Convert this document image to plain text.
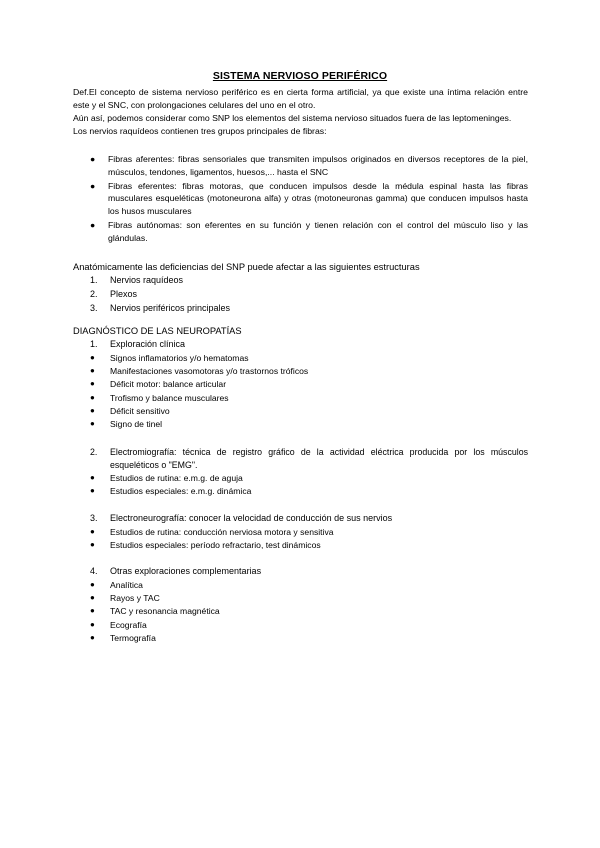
SISTEMA NERVIOSO PERIFÉRICO

Def.El concepto de sistema nervioso periférico es en cierta forma artificial, ya que existe una íntima relación entre este y el SNC, con prolongaciones celulares del uno en el otro.

Aún así, podemos considerar como SNP los elementos del sistema nervioso situados fuera de las leptomeninges.

Los nervios raquídeos contienen tres grupos principales de fibras:

● Fibras aferentes: fibras sensoriales que transmiten impulsos originados en diversos receptores de la piel, músculos, tendones, ligamentos, huesos,... hasta el SNC
● Fibras eferentes: fibras motoras, que conducen impulsos desde la médula espinal hasta las fibras musculares esqueléticas (motoneurona alfa) y otras (motoneuronas gamma) que conducen impulsos hasta los husos musculares
● Fibras autónomas: son eferentes en su función y tienen relación con el control del músculo liso y las glándulas.
Anatómicamente las deficiencias del SNP puede afectar a las siguientes estructuras
1. Nervios raquídeos
2. Plexos
3. Nervios periféricos principales
DIAGNÓSTICO DE LAS NEUROPATÍAS
1. Exploración clínica
● Signos inflamatorios y/o hematomas
● Manifestaciones vasomotoras y/o trastornos tróficos
● Déficit motor: balance articular
● Trofismo y balance musculares
● Déficit sensitivo
● Signo de tinel
2. Electromiografía: técnica de registro gráfico de la actividad eléctrica producida por los músculos esqueléticos o "EMG".
● Estudios de rutina: e.m.g. de aguja
● Estudios especiales: e.m.g. dinámica
3. Electroneurografía: conocer la velocidad de conducción de sus nervios
● Estudios de rutina: conducción nerviosa motora y sensitiva
● Estudios especiales: período refractario, test dinámicos
4. Otras exploraciones complementarias
● Analítica
● Rayos y TAC
● TAC y resonancia magnética
● Ecografía
● Termografía
